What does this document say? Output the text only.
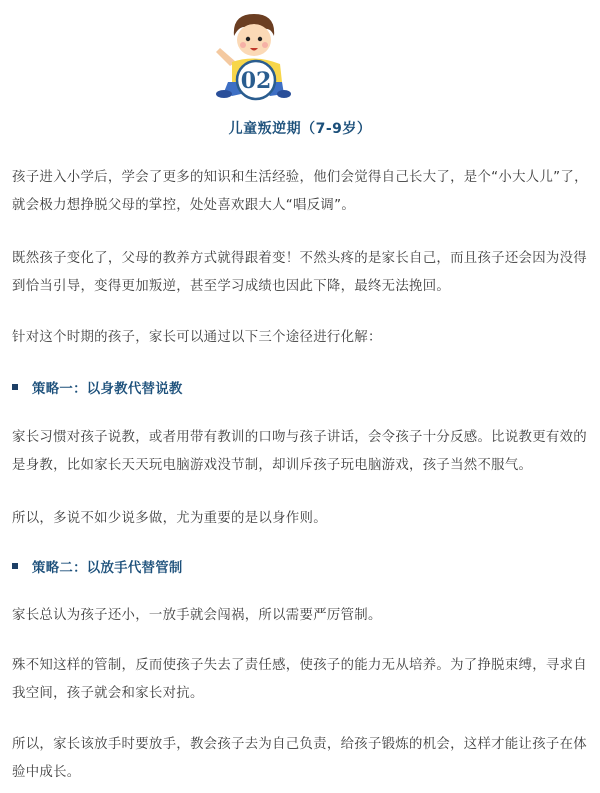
02
儿童叛逆期（7-9岁）

孩子进入小学后，学会了更多的知识和生活经验，他们会觉得自己长大了，是个“小大人儿”了，就会极力想挣脱父母的掌控，处处喜欢跟大人“唱反调”。

既然孩子变化了，父母的教养方式就得跟着变！不然头疼的是家长自己，而且孩子还会因为没得到恰当引导，变得更加叛逆，甚至学习成绩也因此下降，最终无法挽回。

针对这个时期的孩子，家长可以通过以下三个途径进行化解：

策略一：以身教代替说教

家长习惯对孩子说教，或者用带有教训的口吻与孩子讲话，会令孩子十分反感。比说教更有效的是身教，比如家长天天玩电脑游戏没节制，却训斥孩子玩电脑游戏，孩子当然不服气。

所以，多说不如少说多做，尤为重要的是以身作则。

策略二：以放手代替管制

家长总认为孩子还小，一放手就会闯祸，所以需要严厉管制。

殊不知这样的管制，反而使孩子失去了责任感，使孩子的能力无从培养。为了挣脱束缚，寻求自我空间，孩子就会和家长对抗。

所以，家长该放手时要放手，教会孩子去为自己负责，给孩子锻炼的机会，这样才能让孩子在体验中成长。
